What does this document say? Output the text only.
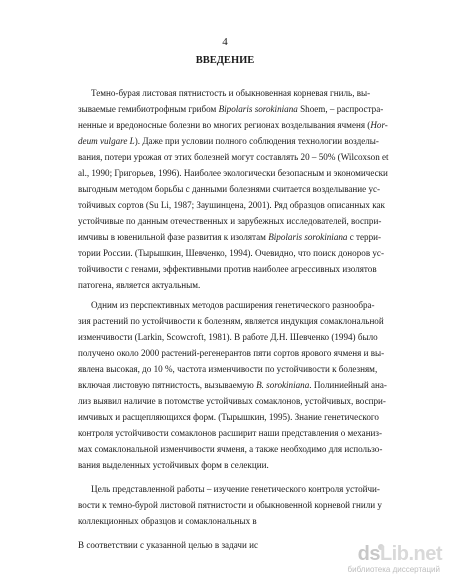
4
ВВЕДЕНИЕ
Темно-бурая листовая пятнистость и обыкновенная корневая гниль, вы-
зываемые гемибиотрофным грибом Bipolaris sorokiniana Shoem, – распростра-
ненные и вредоносные болезни во многих регионах возделывания ячменя (Hor-
deum vulgare L). Даже при условии полного соблюдения технологии возделы-
вания, потери урожая от этих болезней могут составлять 20 – 50% (Wilcoxson et
al., 1990; Григорьев, 1996). Наиболее экологически безопасным и экономически
выгодным методом борьбы с данными болезнями считается возделывание ус-
тойчивых сортов (Su Li, 1987; Заушинцена, 2001). Ряд образцов описанных как
устойчивые по данным отечественных и зарубежных исследователей, воспри-
имчивы в ювенильной фазе развития к изолятам Bipolaris sorokiniana с терри-
тории России. (Тырышкин, Шевченко, 1994). Очевидно, что поиск доноров ус-
тойчивости с генами, эффективными против наиболее агрессивных изолятов
патогена, является актуальным.
Одним из перспективных методов расширения генетического разнообра-
зия растений по устойчивости к болезням, является индукция сомаклональной
изменчивости (Larkin, Scowcroft, 1981). В работе Д.Н. Шевченко (1994) было
получено около 2000 растений-регенерантов пяти сортов ярового ячменя и вы-
явлена высокая, до 10 %, частота изменчивости по устойчивости к болезням,
включая листовую пятнистость, вызываемую B. sorokiniana. Полиниейный ана-
лиз выявил наличие в потомстве устойчивых сомаклонов, устойчивых, воспри-
имчивых и расщепляющихся форм. (Тырышкин, 1995). Знание генетического
контроля устойчивости сомаклонов расширит наши представления о механиз-
мах сомаклональной изменчивости ячменя, а также необходимо для использо-
вания выделенных устойчивых форм в селекции.
Цель представленной работы – изучение генетического контроля устойчи-
вости к темно-бурой листовой пятнистости и обыкновенной корневой гнили у
коллекционных образцов и сомаклональных в
В соответствии с указанной целью в задачи ис	dsLib.net
библиотека диссертаций
